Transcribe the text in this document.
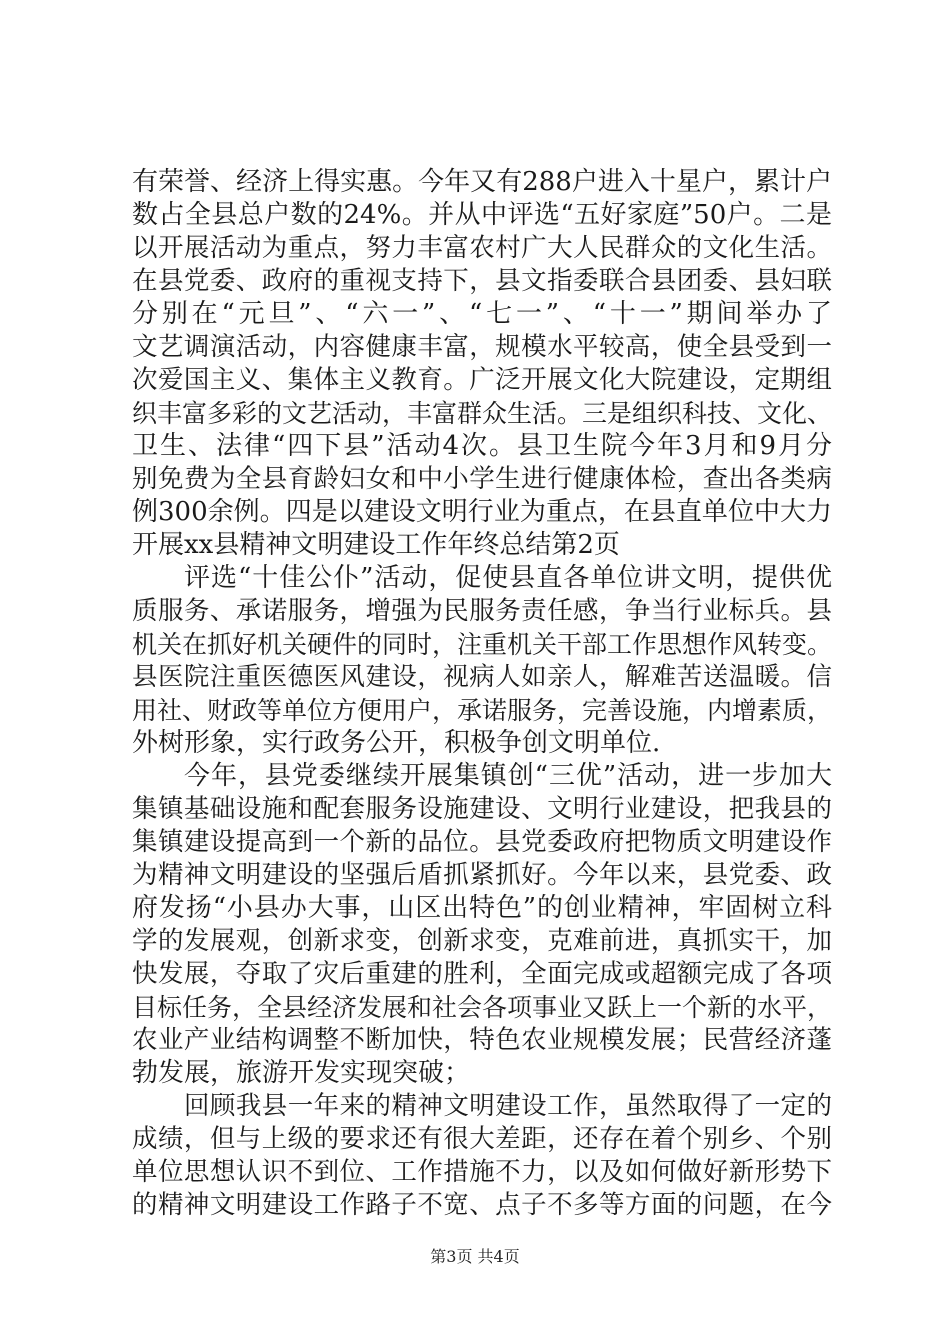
有荣誉、经济上得实惠。今年又有288户进入十星户，累计户
数占全县总户数的24%。并从中评选“五好家庭”50户。二是
以开展活动为重点，努力丰富农村广大人民群众的文化生活。
在县党委、政府的重视支持下，县文指委联合县团委、县妇联
分别在“元旦”、“六一”、“七一”、“十一”期间举办了
文艺调演活动，内容健康丰富，规模水平较高，使全县受到一
次爱国主义、集体主义教育。广泛开展文化大院建设，定期组
织丰富多彩的文艺活动，丰富群众生活。三是组织科技、文化、
卫生、法律“四下县”活动4次。县卫生院今年3月和9月分
别免费为全县育龄妇女和中小学生进行健康体检，查出各类病
例300余例。四是以建设文明行业为重点，在县直单位中大力
开展xx县精神文明建设工作年终总结第2页
评选“十佳公仆”活动，促使县直各单位讲文明，提供优
质服务、承诺服务，增强为民服务责任感，争当行业标兵。县
机关在抓好机关硬件的同时，注重机关干部工作思想作风转变。
县医院注重医德医风建设，视病人如亲人，解难苦送温暖。信
用社、财政等单位方便用户，承诺服务，完善设施，内增素质，
外树形象，实行政务公开，积极争创文明单位.
今年，县党委继续开展集镇创“三优”活动，进一步加大
集镇基础设施和配套服务设施建设、文明行业建设，把我县的
集镇建设提高到一个新的品位。县党委政府把物质文明建设作
为精神文明建设的坚强后盾抓紧抓好。今年以来，县党委、政
府发扬“小县办大事，山区出特色”的创业精神，牢固树立科
学的发展观，创新求变，创新求变，克难前进，真抓实干，加
快发展，夺取了灾后重建的胜利，全面完成或超额完成了各项
目标任务，全县经济发展和社会各项事业又跃上一个新的水平，
农业产业结构调整不断加快，特色农业规模发展；民营经济蓬
勃发展，旅游开发实现突破；
回顾我县一年来的精神文明建设工作，虽然取得了一定的
成绩，但与上级的要求还有很大差距，还存在着个别乡、个别
单位思想认识不到位、工作措施不力，以及如何做好新形势下
的精神文明建设工作路子不宽、点子不多等方面的问题，在今
第3页 共4页
